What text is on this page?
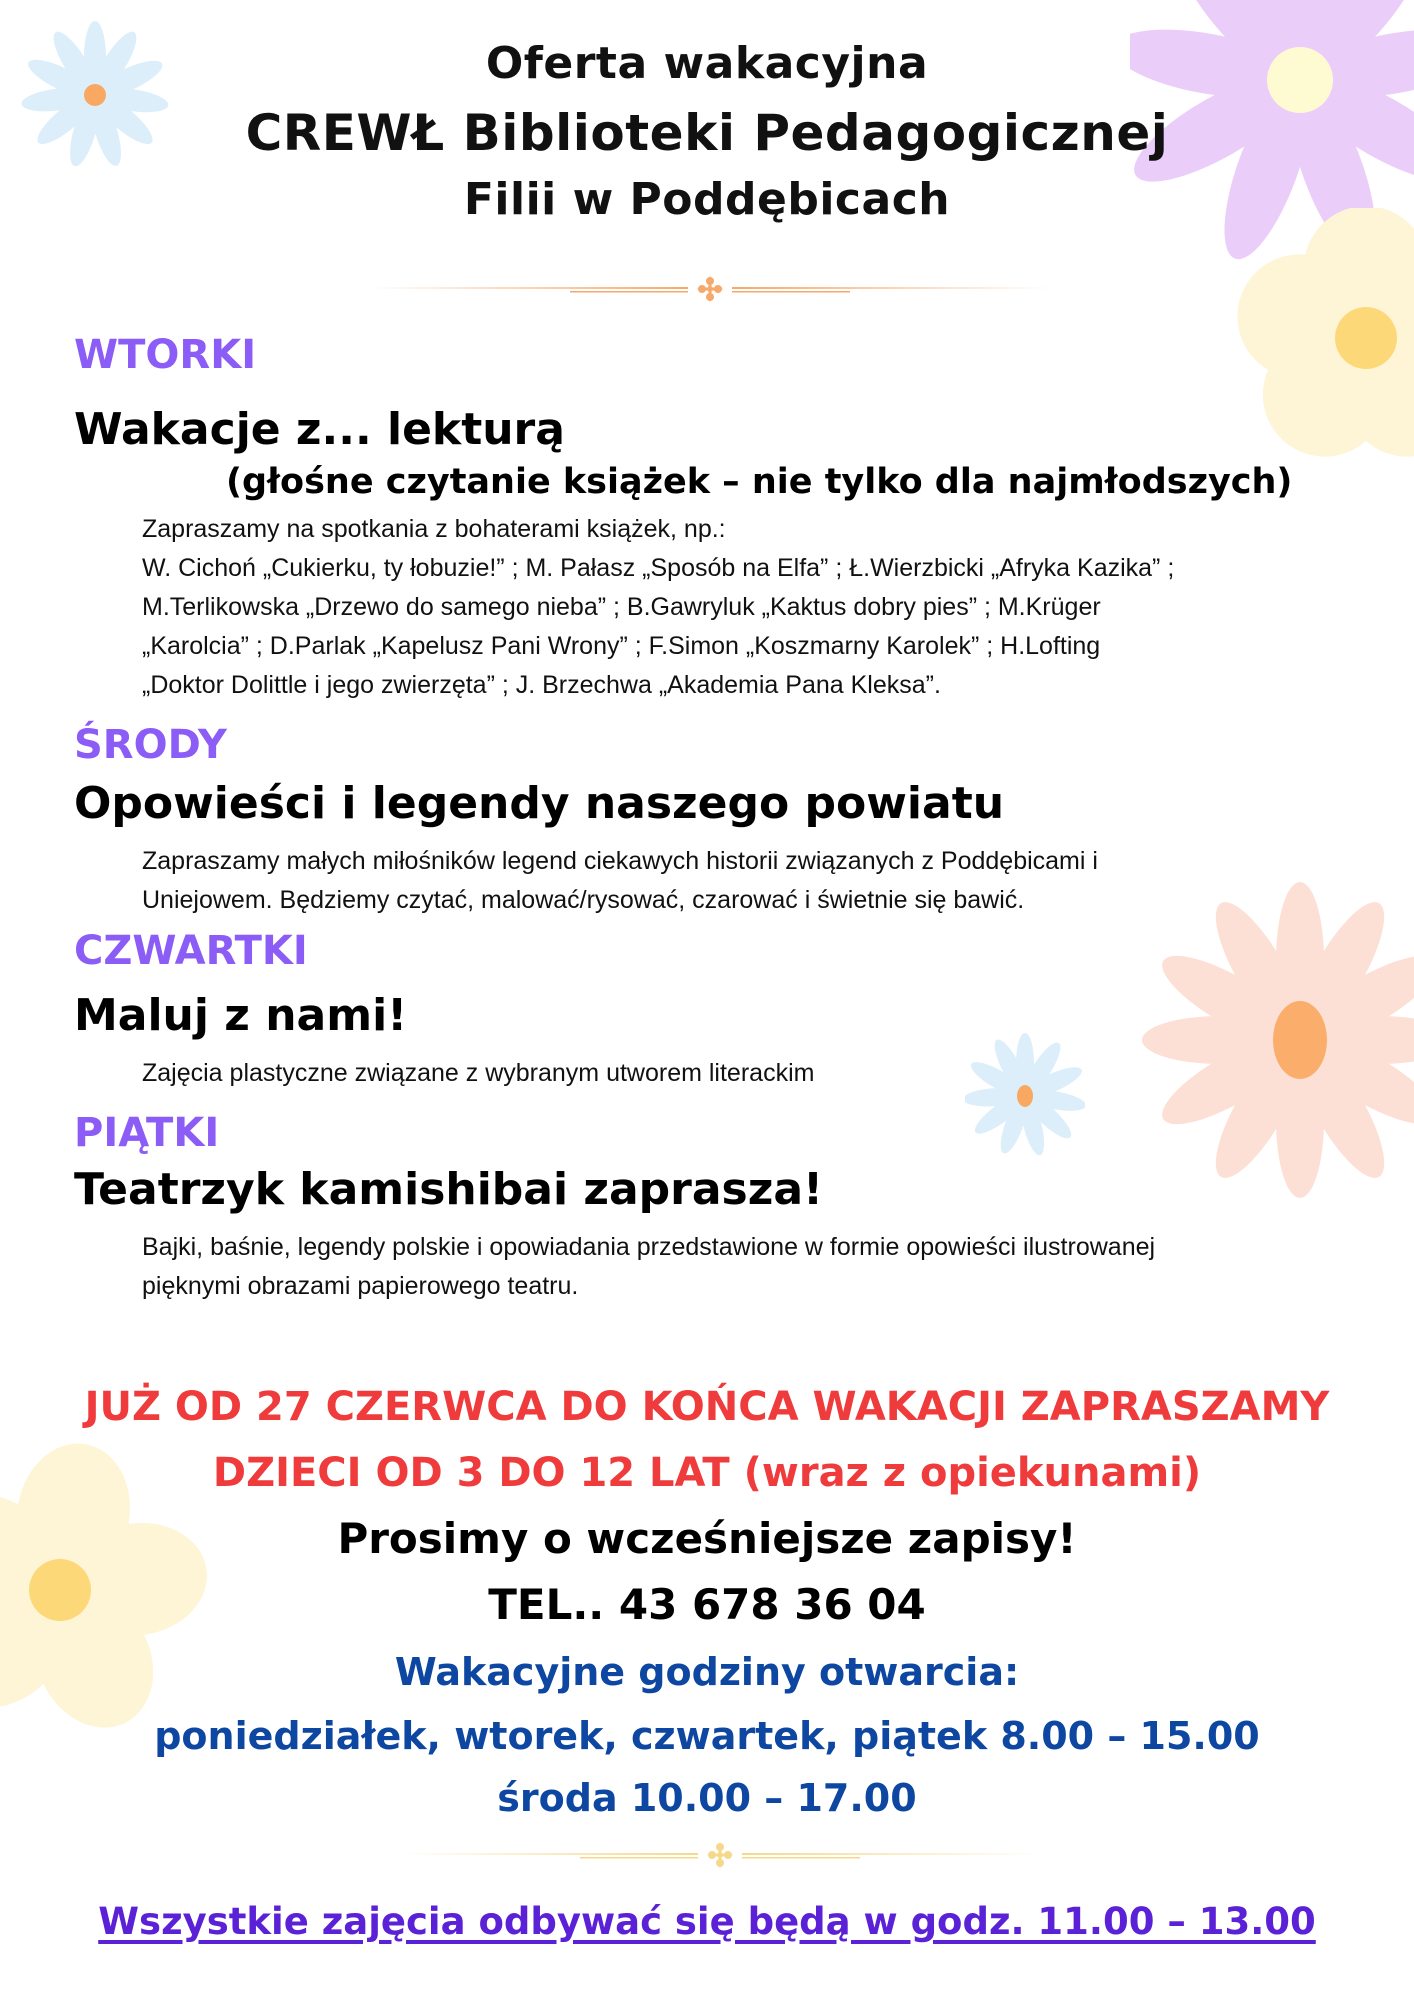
Oferta wakacyjna
CREWŁ Biblioteki Pedagogicznej
Filii w Poddębicach
WTORKI
Wakacje z... lekturą
(głośne czytanie książek – nie tylko dla najmłodszych)
Zapraszamy na spotkania z bohaterami książek, np.:
W. Cichoń „Cukierku, ty łobuzie!” ; M. Pałasz „Sposób na Elfa” ; Ł.Wierzbicki „Afryka Kazika” ;
M.Terlikowska „Drzewo do samego nieba” ; B.Gawryluk „Kaktus dobry pies” ; M.Krüger
„Karolcia” ; D.Parlak „Kapelusz Pani Wrony” ; F.Simon „Koszmarny Karolek” ; H.Lofting
„Doktor Dolittle i jego zwierzęta” ; J. Brzechwa „Akademia Pana Kleksa”.
ŚRODY
Opowieści i legendy naszego powiatu
Zapraszamy małych miłośników legend ciekawych historii związanych z Poddębicami i
Uniejowem. Będziemy czytać, malować/rysować, czarować i świetnie się bawić.
CZWARTKI
Maluj z nami!
Zajęcia plastyczne związane z wybranym utworem literackim
PIĄTKI
Teatrzyk kamishibai zaprasza!
Bajki, baśnie, legendy polskie i opowiadania przedstawione w formie opowieści ilustrowanej
pięknymi obrazami papierowego teatru.
JUŻ OD 27 CZERWCA DO KOŃCA WAKACJI ZAPRASZAMY
DZIECI OD 3 DO 12 LAT (wraz z opiekunami)
Prosimy o wcześniejsze zapisy!
TEL.. 43 678 36 04
Wakacyjne godziny otwarcia:
poniedziałek, wtorek, czwartek, piątek 8.00 – 15.00
środa 10.00 – 17.00
Wszystkie zajęcia odbywać się będą w godz. 11.00 – 13.00
